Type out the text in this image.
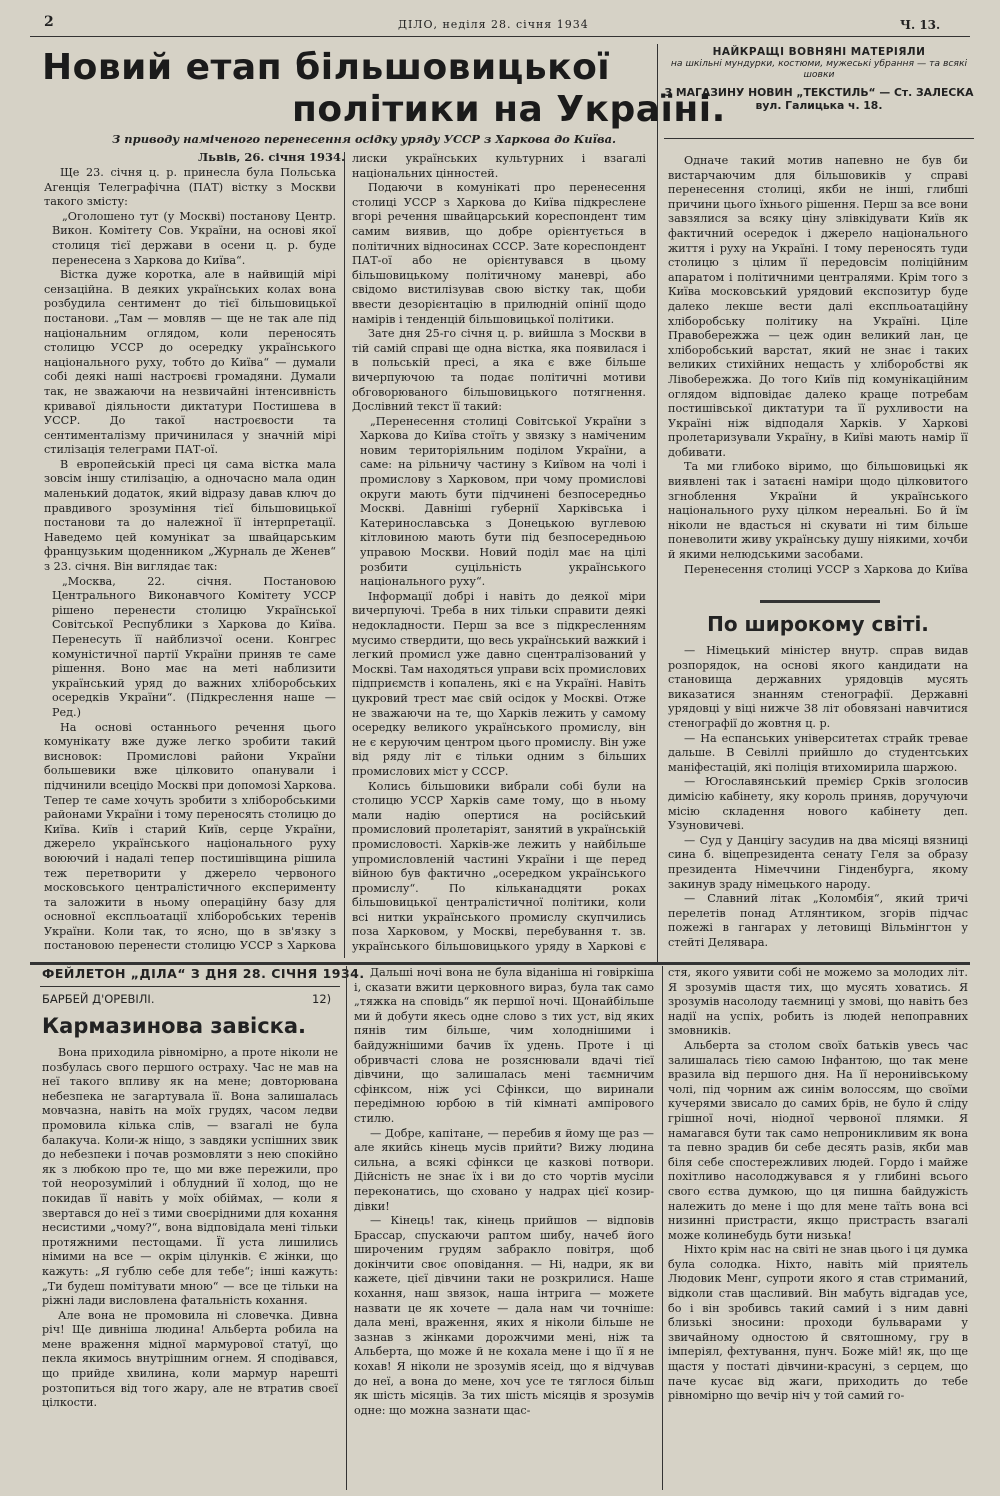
2	ДІЛО, неділя 28. січня 1934	Ч. 13.
Новий етап більшовицької
політики на Україні.
З приводу наміченого перенесення осідку уряду УССР з Харкова до Київа.
Львів, 26. січня 1934.

Ще 23. січня ц. р. принесла була Польська Агенція Телеграфічна (ПАТ) вістку з Москви такого змісту:

„Оголошено тут (у Москві) постанову Центр. Викон. Комітету Сов. України, на основі якої столиця тієї держави в осени ц. р. буде перенесена з Харкова до Київа“.

Вістка дуже коротка, але в найвищій мірі сензаційна. В деяких українських колах вона розбудила сентимент до тієї більшовицької постанови. „Там — мовляв — ще не так але під національним оглядом, коли переносять столицю УССР до осередку українського національного руху, тобто до Київа“ — думали собі деякі наші настроєві громадяни. Думали так, не зважаючи на незвичайні інтенсивність кривавої діяльности диктатури Постишева в УССР. До такої настроєвости та сентименталізму причинилася у значній мірі стилізація телеграми ПАТ-ої.

В европейській пресі ця сама вістка мала зовсім іншу стилізацію, а одночасно мала один маленький додаток, який відразу давав ключ до правдивого зрозуміння тієї більшовицької постанови та до належної її інтерпретації. Наведемо цей комунікат за швайцарським французьким щоденником „Журналь де Женев“ з 23. січня. Він виглядає так:

„Москва, 22. січня. Постановою Центрального Виконавчого Комітету УССР рішено перенести столицю Української Совітської Республики з Харкова до Київа. Перенесуть її найблизчої осени. Конгрес комуністичної партії України приняв те саме рішення. Воно має на меті наблизити український уряд до важних хліборобських осередків України“. (Підкреслення наше — Ред.)

На основі останнього речення цього комунікату вже дуже легко зробити такий висновок: Промислові райони України большевики вже цілковито опанували і підчинили всецідо Москві при допомозі Харкова. Тепер те саме хочуть зробити з хліборобськими районами України і тому переносять столицю до Київа. Київ і старий Київ, серце України, джерело українського національного руху воюючий і надалі тепер постишівщина рішила теж перетворити у джерело червоного московського централістичного експерименту та заложити в ньому операційну базу для основної експльоатації хліборобських теренів України. Коли так, то ясно, що в зв'язку з постановою перенести столицю УССР з Харкова

лиски українських культурних і взагалі національних цінностей.

Подаючи в комунікаті про перенесення столиці УССР з Харкова до Київа підкреслене вгорі речення швайцарський кореспондент тим самим виявив, що добре орієнтується в політичних відносинах СССР. Зате кореспондент ПАТ-ої або не орієнтувався в цьому більшовицькому політичному маневрі, або свідомо вистилізував свою вістку так, щоби ввести дезорієнтацію в прилюдній опінії щодо намірів і тенденцій більшовицької політики.

Зате дня 25-го січня ц. р. вийшла з Москви в тій самій справі ще одна вістка, яка появилася і в польській пресі, а яка є вже більше вичерпуючою та подає політичні мотиви обговорюваного більшовицького потягнення. Дослівний текст її такий:

„Перенесення столиці Совітської України з Харкова до Київа стоїть у звязку з наміченим новим територіяльним поділом України, а саме: на рільничу частину з Київом на чолі і промислову з Харковом, при чому промислові округи мають бути підчинені безпосередньо Москві. Давніші губернії Харківська і Катеринославська з Донецькою вуглевою кітловиною мають бути під безпосередньою управою Москви. Новий поділ має на цілі розбити суцільність українського національного руху“.

Інформації добрі і навіть до деякої міри вичерпуючі. Треба в них тільки справити деякі недокладности. Перш за все з підкресленням мусимо ствердити, що весь український важкий і легкий промисл уже давно сцентралізований у Москві. Там находяться управи всіх промислових підприємств і копалень, які є на Україні. Навіть цукровий трест має свій осідок у Москві. Отже не зважаючи на те, що Харків лежить у самому осередку великого українського промислу, він не є керуючим центром цього промислу. Він уже від ряду літ є тільки одним з більших промислових міст у СССР.

Колись більшовики вибрали собі були на столицю УССР Харків саме тому, що в ньому мали надію опертися на російський промисловий пролетаріят, занятий в українській промисловості. Харків-же лежить у найбільше упромисловленій частині України і ще перед війною був фактично „осередком українського промислу“. По кільканадцяти роках більшовицької централістичної політики, коли всі нитки українського промислу скупчились поза Харковом, у Москві, перебування т. зв. українського більшовицького уряду в Харкові є

НАЙКРАЩІ ВОВНЯНІ МАТЕРІЯЛИ
на шкільні мундурки, костюми, мужеські убрання — та всякі шовки
З МАГАЗИНУ НОВИН „ТЕКСТИЛЬ“ — Ст. ЗАЛЕСКА
вул. Галицька ч. 18.

Одначе такий мотив напевно не був би вистарчаючим для більшовиків у справі перенесення столиці, якби не інші, глибші причини цього їхнього рішення. Перш за все вони завзялися за всяку ціну злівкідувати Київ як фактичний осередок і джерело національного життя і руху на Україні. І тому переносять туди столицю з цілим її передовсім поліційним апаратом і політичними централями. Крім того з Київа московський урядовий експозитур буде далеко лекше вести далі експльоатаційну хліборобську політику на Україні. Ціле Правобережжа — цеж один великий лан, це хліборобський варстат, який не знає і таких великих стихійних нещасть у хліборобстві як Лівобережжа. До того Київ під комунікаційним оглядом відповідає далеко краще потребам постишівської диктатури та її рухливости на Україні ніж відподаля Харків. У Харкові пролетаризували Україну, в Київі мають намір її добивати.

Та ми глибоко віримо, що більшовицькі як виявлені так і затаєні наміри щодо цілковитого згноблення України й українського національного руху цілком нереальні. Бо й їм ніколи не вдасться ні скувати ні тим більше поневолити живу українську душу ніякими, хочби й якими нелюдськими засобами.

Перенесення столиці УССР з Харкова до Київа

По широкому світі.

— Німецький міністер внутр. справ видав розпорядок, на основі якого кандидати на становища державних урядовців мусять виказатися знанням стенографії. Державні урядовці у віці нижче 38 літ обовязані навчитися стенографії до жовтня ц. р.

— На еспанських університетах страйк тревае дальше. В Севіллі прийшло до студентських маніфестацій, які поліція втихомирила шаржою.

— Югославянський премієр Срків зголосив димісію кабінету, яку король приняв, доручуючи місію складення нового кабінету деп. Узуновичеві.

— Суд у Данцігу засудив на два місяці вязниці сина б. віцепрезидента сенату Геля за образу президента Німеччини Гінденбурга, якому закинув зраду німецького народу.

— Славний літак „Коломбія“, який тричі перелетів понад Атлянтиком, згорів підчас пожежі в гангарах у летовищі Вільмінгтон у стейті Делявара.

ФЕЙЛЕТОН „ДІЛА“ З ДНЯ 28. СІЧНЯ 1934.
БАРБЕЙ Д'ОРЕВІЛІ.	12)
Кармазинова завіска.

Вона приходила рівномірно, а проте ніколи не позбулась свого першого остраху. Час не мав на неї такого впливу як на мене; довторювана небезпека не загартувала її. Вона залишалась мовчазна, навіть на моїх грудях, часом ледви промовила кілька слів, — взагалі не була балакуча. Коли-ж ніщо, з завдяки успішних звик до небезпеки і почав розмовляти з нею спокійно як з любкою про те, що ми вже пережили, про той неорозумілий і облудний її холод, що не покидав її навіть у моїх обіймах, — коли я звертався до неї з тими своєрідними для кохання несистими „чому?“, вона відповідала мені тільки протяжними пестощами. Її уста лишились німими на все — окрім цілунків. Є жінки, що кажуть: „Я гублю себе для тебе“; інші кажуть: „Ти будеш помітувати мною“ — все це тільки на ріжні лади висловлена фатальність кохання.

Але вона не промовила ні словечка. Дивна річ! Ще дивніша людина! Альберта робила на мене враження мідної мармурової статуї, що пекла якимось внутрішним огнем. Я сподівався, що прийде хвилина, коли мармур нарешті розтопиться від того жару, але не втратив своєї цілкости.

Дальші ночі вона не була віданіша ні говіркіша і, сказати вжити церковного вираз, була так само „тяжка на сповідь“ як першої ночі. Щонайбільше ми й добути якесь одне слово з тих уст, від яких пянів тим більше, чим холоднішими і байдужнішими бачив їх удень. Проте і ці обривчасті слова не розяснювали вдачі тієї дівчини, що залишалась мені таємничим сфінксом, ніж усі Сфінкси, що виринали передімною юрбою в тій кімнаті ампірового стилю.

— Добре, капітане, — перебив я йому ще раз — але якийсь кінець мусів прийти? Вижу людина сильна, а всякі сфінкси це казкові потвори. Дійсність не знає їх і ви до сто чортів мусіли переконатись, що сховано у надрах цієї козир-дівки!

— Кінець! так, кінець прийшов — відповів Брассар, спускаючи раптом шибу, начеб його широченим грудям забракло повітря, щоб докінчити своє оповідання. — Ні, надри, як ви кажете, цієї дівчини таки не розкрилися. Наше кохання, наш звязок, наша інтрига — можете назвати це як хочете — дала нам чи точніше: дала мені, враження, яких я ніколи більше не зазнав з жінками дорожчими мені, ніж та Альберта, що може й не кохала мене і що її я не кохав! Я ніколи не зрозумів ясеід, що я відчував до неї, а вона до мене, хоч усе те тяглося більш як шість місяців. За тих шість місяців я зрозумів одне: що можна зазнати щас-

стя, якого уявити собі не можемо за молодих літ. Я зрозумів щастя тих, що мусять ховатись. Я зрозумів насолоду таємниці у змові, що навіть без надії на успіх, робить із людей непоправних змовників.

Альберта за столом своїх батьків увесь час залишалась тією самою Інфантою, що так мене вразила від першого дня. На її нерониівському чолі, під чорним аж синім волоссям, що своїми кучерями звисало до самих брів, не було й сліду грішної ночі, ніодної червоної плямки. Я намагався бути так само непроникливим як вона та певно зрадив би себе десять разів, якби мав біля себе спостережливих людей. Гордо і майже похітливо насолоджувався я у глибині всього свого єства думкою, що ця пишна байдужість належить до мене і що для мене таїть вона всі низинні пристрасти, якщо пристрасть взагалі може колинебудь бути низька!

Ніхто крім нас на світі не знав цього і ця думка була солодка. Ніхто, навіть мій приятель Людовик Менг, супроти якого я став стриманий, відколи став щасливий. Він мабуть відгадав усе, бо і він зробивсь такий самий і з ним давні близькі зносини: проходи бульварами у звичайному одностою й святошному, гру в імперіял, фехтування, пунч. Боже мій! як, що ще щастя у постаті дівчини-красуні, з серцем, що паче кусає від жаги, приходить до тебе рівномірно що вечір ніч у той самий го-
